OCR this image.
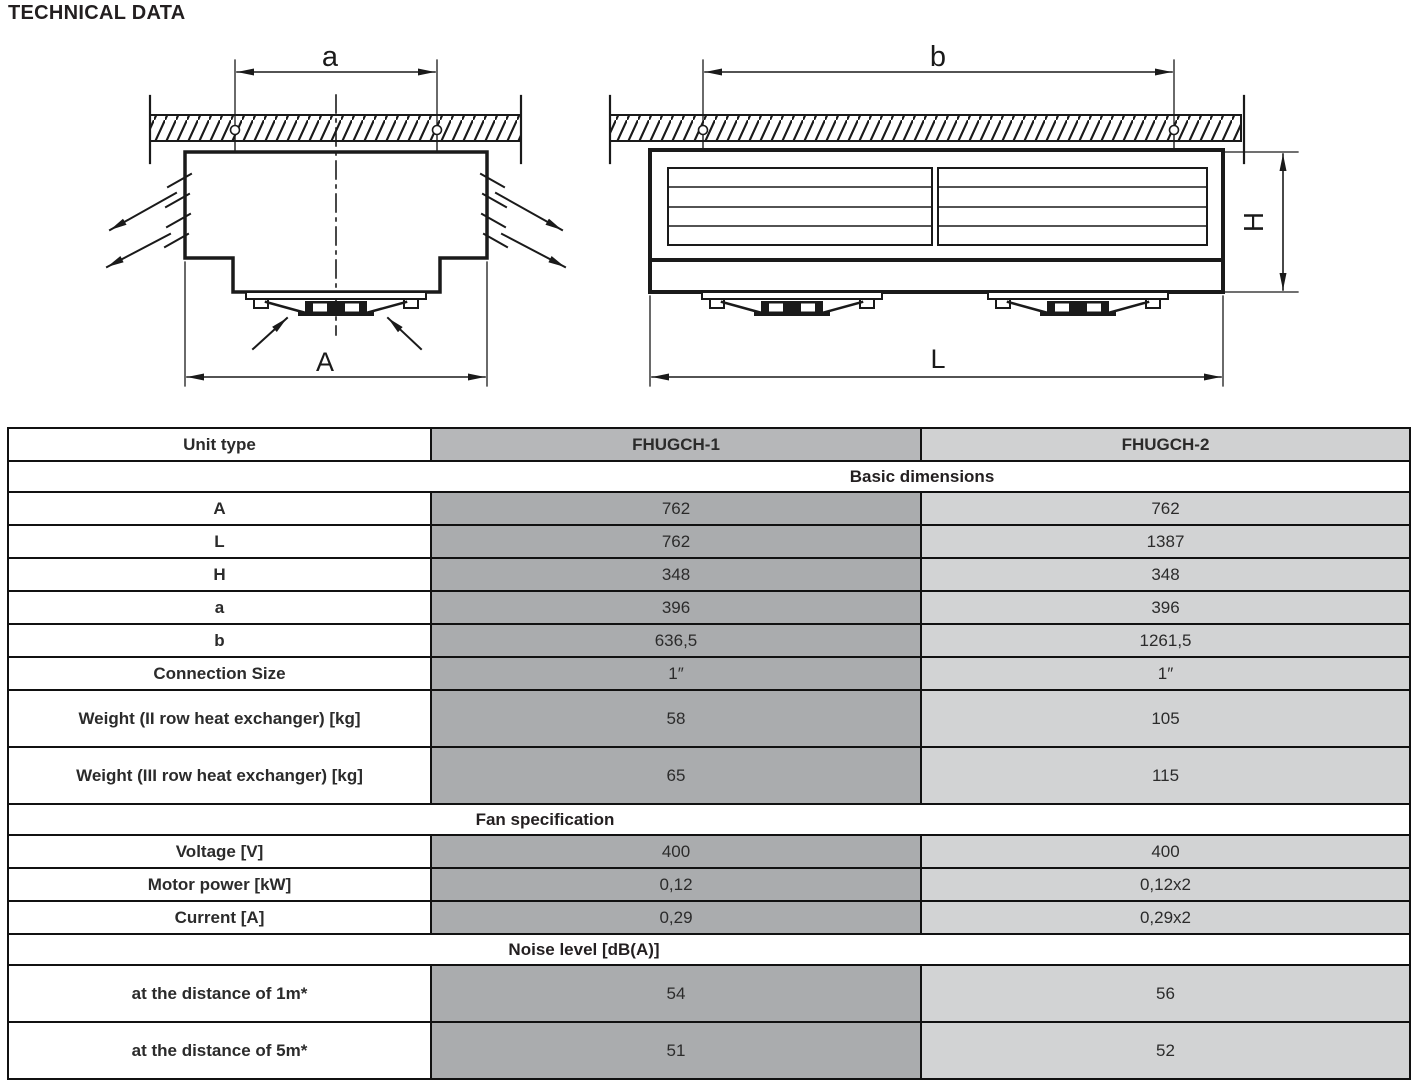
TECHNICAL DATA
a
A
b
H
L
Unit type	FHUGCH-1	FHUGCH-2

Basic dimensions		

A	762	762
L	762	1387
H	348	348
a	396	396
b	636,5	1261,5
Connection Size	1″	1″
Weight (II row heat exchanger) [kg]	58	105
Weight (III row heat exchanger) [kg]	65	115

Fan specification		

Voltage [V]	400	400
Motor power [kW]	0,12	0,12x2
Current [A]	0,29	0,29x2

Noise level [dB(A)]		

at the distance of 1m*	54	56
at the distance of 5m*	51	52
